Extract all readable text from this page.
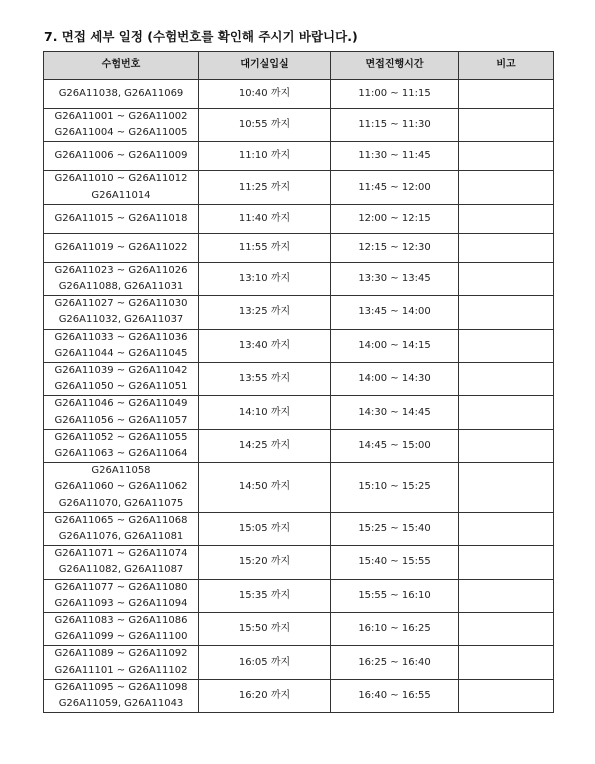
7. 면접 세부 일정 (수험번호를 확인해 주시기 바랍니다.)
수험번호	대기실입실	면접진행시간	비고

G26A11038, G26A11069	10:40 까지	11:00 ~ 11:15	

G26A11001 ~ G26A11002
G26A11004 ~ G26A11005	10:55 까지	11:15 ~ 11:30	

G26A11006 ~ G26A11009	11:10 까지	11:30 ~ 11:45	

G26A11010 ~ G26A11012
G26A11014	11:25 까지	11:45 ~ 12:00	

G26A11015 ~ G26A11018	11:40 까지	12:00 ~ 12:15	

G26A11019 ~ G26A11022	11:55 까지	12:15 ~ 12:30	

G26A11023 ~ G26A11026
G26A11088, G26A11031	13:10 까지	13:30 ~ 13:45	

G26A11027 ~ G26A11030
G26A11032, G26A11037	13:25 까지	13:45 ~ 14:00	

G26A11033 ~ G26A11036
G26A11044 ~ G26A11045	13:40 까지	14:00 ~ 14:15	

G26A11039 ~ G26A11042
G26A11050 ~ G26A11051	13:55 까지	14:00 ~ 14:30	

G26A11046 ~ G26A11049
G26A11056 ~ G26A11057	14:10 까지	14:30 ~ 14:45	

G26A11052 ~ G26A11055
G26A11063 ~ G26A11064	14:25 까지	14:45 ~ 15:00	

G26A11058
G26A11060 ~ G26A11062
G26A11070, G26A11075	14:50 까지	15:10 ~ 15:25	

G26A11065 ~ G26A11068
G26A11076, G26A11081	15:05 까지	15:25 ~ 15:40	

G26A11071 ~ G26A11074
G26A11082, G26A11087	15:20 까지	15:40 ~ 15:55	

G26A11077 ~ G26A11080
G26A11093 ~ G26A11094	15:35 까지	15:55 ~ 16:10	

G26A11083 ~ G26A11086
G26A11099 ~ G26A11100	15:50 까지	16:10 ~ 16:25	

G26A11089 ~ G26A11092
G26A11101 ~ G26A11102	16:05 까지	16:25 ~ 16:40	

G26A11095 ~ G26A11098
G26A11059, G26A11043	16:20 까지	16:40 ~ 16:55	
